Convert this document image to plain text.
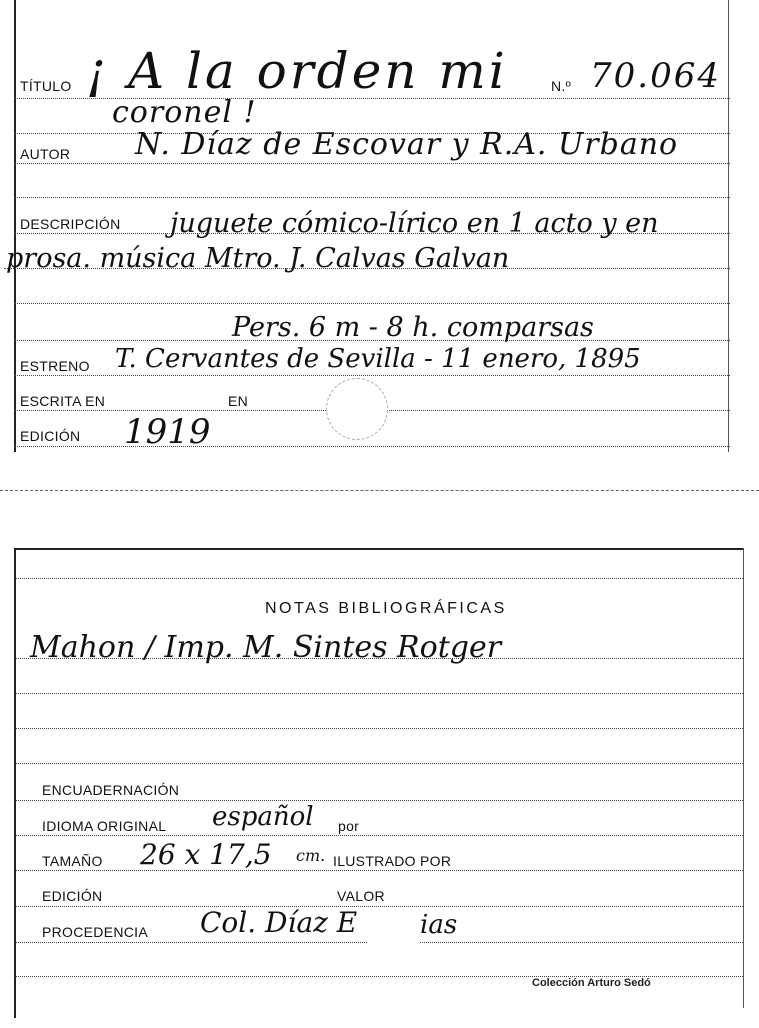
TÍTULO ¡ A la orden mi
coronel !
N.º 70.064
AUTOR N. Díaz de Escovar y R.A. Urbano
DESCRIPCIÓN juguete cómico-lírico en 1 acto y en
prosa. música Mtro. J. Calvas Galvan
Pers. 6 m - 8 h. comparsas
ESTRENO T. Cervantes de Sevilla - 11 enero, 1895
ESCRITA EN	EN
EDICIÓN 1919
NOTAS BIBLIOGRÁFICAS
Mahon / Imp. M. Sintes Rotger
ENCUADERNACIÓN
IDIOMA ORIGINAL español por
TAMAÑO 26 x 17,5 cm. ILUSTRADO POR
EDICIÓN	VALOR
PROCEDENCIA Col. Díaz E ias
Colección Arturo Sedó
